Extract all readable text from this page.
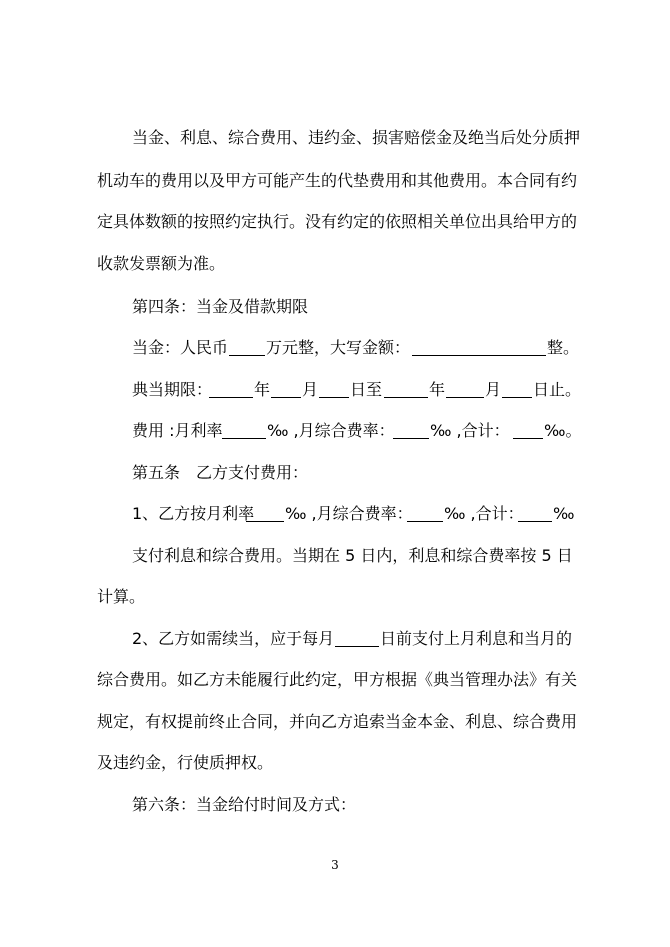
当金、利息、综合费用、违约金、损害赔偿金及绝当后处分质押
机动车的费用以及甲方可能产生的代垫费用和其他费用。本合同有约
定具体数额的按照约定执行。没有约定的依照相关单位出具给甲方的
收款发票额为准。
第四条：当金及借款期限
当金：人民币 万元整，大写金额：	整。
典当期限：	年 月 日至	年 月 日止。
费用 :月利率	‰ ,月综合费率： ‰ ,合计： ‰。
第五条　乙方支付费用：
1、乙方按月利率 ‰ ,月综合费率： ‰ ,合计： ‰
支付利息和综合费用。当期在 5 日内，利息和综合费率按 5 日
计算。
2、乙方如需续当，应于每月	日前支付上月利息和当月的
综合费用。如乙方未能履行此约定，甲方根据《典当管理办法》有关
规定，有权提前终止合同，并向乙方追索当金本金、利息、综合费用
及违约金，行使质押权。
第六条：当金给付时间及方式：
3
